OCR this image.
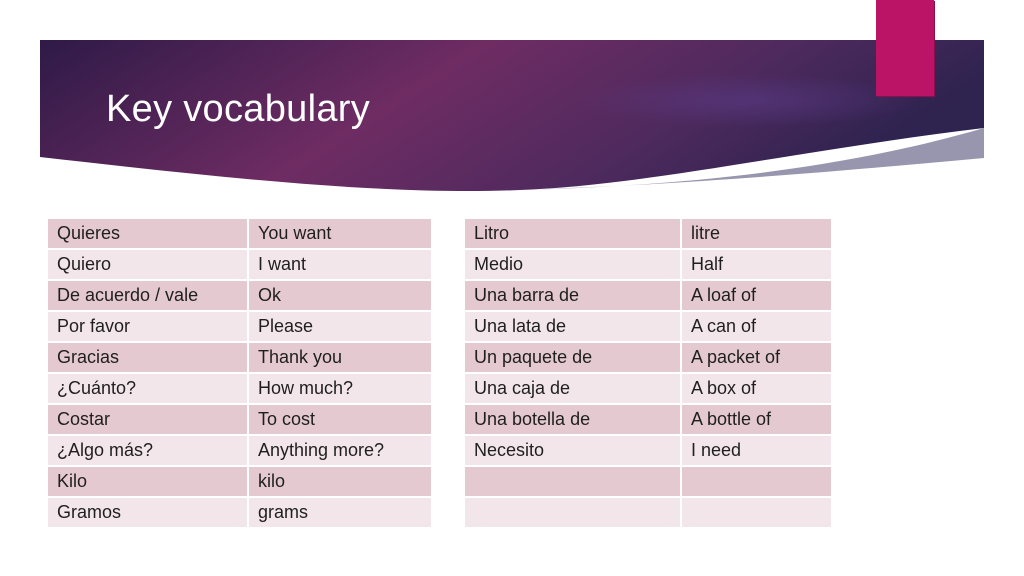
Key vocabulary
Quieres	You want
Quiero	I want
De acuerdo / vale	Ok
Por favor	Please
Gracias	Thank you
¿Cuánto?	How much?
Costar	To cost
¿Algo más?	Anything more?
Kilo	kilo
Gramos	grams
Litro	litre
Medio	Half
Una barra de	A loaf of
Una lata de	A can of
Un paquete de	A packet of
Una caja de	A box of
Una botella de	A bottle of
Necesito	I need
